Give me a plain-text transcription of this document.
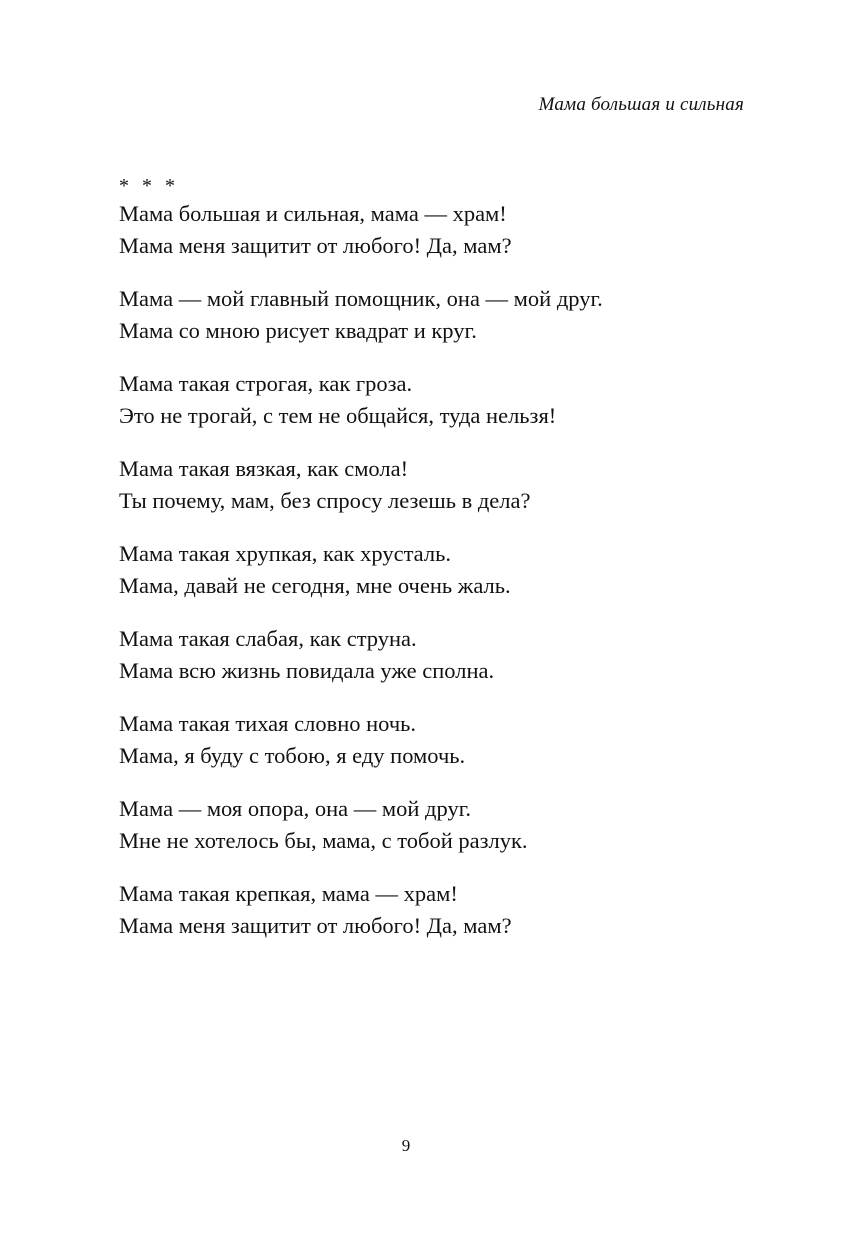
Мама большая и сильная
* * *
Мама большая и сильная, мама — храм!
Мама меня защитит от любого! Да, мам?
Мама — мой главный помощник, она — мой друг.
Мама со мною рисует квадрат и круг.
Мама такая строгая, как гроза.
Это не трогай, с тем не общайся, туда нельзя!
Мама такая вязкая, как смола!
Ты почему, мам, без спросу лезешь в дела?
Мама такая хрупкая, как хрусталь.
Мама, давай не сегодня, мне очень жаль.
Мама такая слабая, как струна.
Мама всю жизнь повидала уже сполна.
Мама такая тихая словно ночь.
Мама, я буду с тобою, я еду помочь.
Мама — моя опора, она — мой друг.
Мне не хотелось бы, мама, с тобой разлук.
Мама такая крепкая, мама — храм!
Мама меня защитит от любого! Да, мам?
9
